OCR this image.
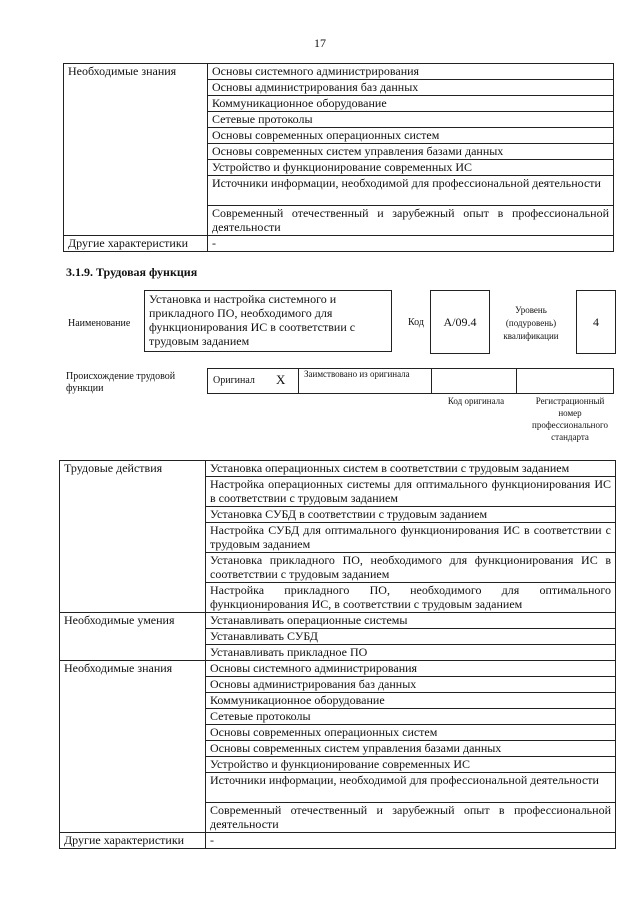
17
Необходимые знания	Основы системного администрирования
	Основы администрирования баз данных
	Коммуникационное оборудование
	Сетевые протоколы
	Основы современных операционных систем
	Основы современных систем управления базами данных
	Устройство и функционирование современных ИС
	Источники информации, необходимой для профессиональной деятельности
	Современный отечественный и зарубежный опыт в профессиональной деятельности
Другие характеристики	-
3.1.9. Трудовая функция
Наименование
Установка и настройка системного и прикладного ПО, необходимого для функционирования ИС в соответствии с трудовым заданием
Код	A/09.4
Уровень (подуровень) квалификации
4
Происхождение трудовой функции
Оригинал X Заимствовано из оригинала
Код оригинала	Регистрационный номер профессионального стандарта
Трудовые действия	Установка операционных систем в соответствии с трудовым заданием
	Настройка операционных системы для оптимального функционирования ИС в соответствии с трудовым заданием
	Установка СУБД в соответствии с трудовым заданием
	Настройка СУБД для оптимального функционирования ИС в соответствии с трудовым заданием
	Установка прикладного ПО, необходимого для функционирования ИС в соответствии с трудовым заданием
	Настройка прикладного ПО, необходимого для оптимального функционирования ИС, в соответствии с трудовым заданием
Необходимые умения	Устанавливать операционные системы
	Устанавливать СУБД
	Устанавливать прикладное ПО
Необходимые знания	Основы системного администрирования
	Основы администрирования баз данных
	Коммуникационное оборудование
	Сетевые протоколы
	Основы современных операционных систем
	Основы современных систем управления базами данных
	Устройство и функционирование современных ИС
	Источники информации, необходимой для профессиональной деятельности
	Современный отечественный и зарубежный опыт в профессиональной деятельности
Другие характеристики	-
